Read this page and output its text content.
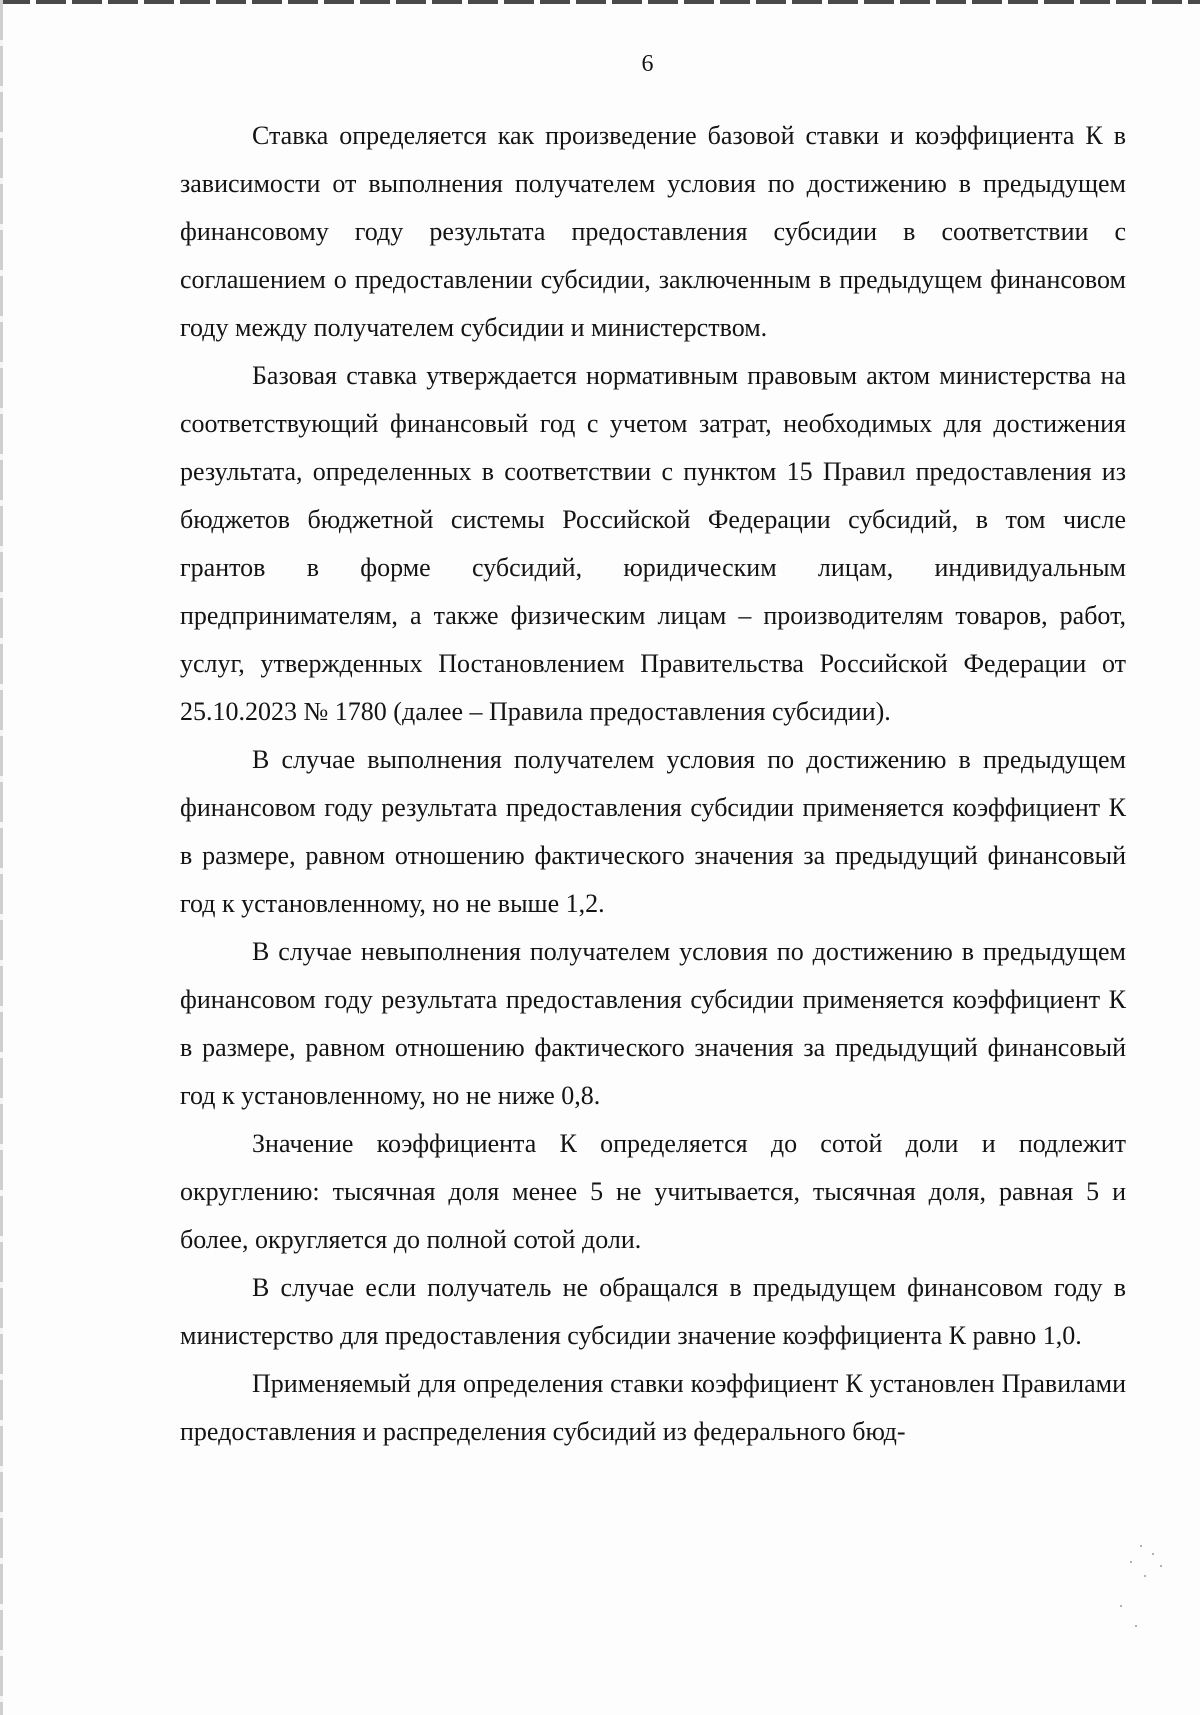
6

Ставка определяется как произведение базовой ставки и коэффициента К в зависимости от выполнения получателем условия по достижению в предыдущем финансовому году результата предоставления субсидии в соответствии с соглашением о предоставлении субсидии, заключенным в предыдущем финансовом году между получателем субсидии и министерством.

Базовая ставка утверждается нормативным правовым актом министерства на соответствующий финансовый год с учетом затрат, необходимых для достижения результата, определенных в соответствии с пунктом 15 Правил предоставления из бюджетов бюджетной системы Российской Федерации субсидий, в том числе грантов в форме субсидий, юридическим лицам, индивидуальным предпринимателям, а также физическим лицам – производителям товаров, работ, услуг, утвержденных Постановлением Правительства Российской Федерации от 25.10.2023 № 1780 (далее – Правила предоставления субсидии).

В случае выполнения получателем условия по достижению в предыдущем финансовом году результата предоставления субсидии применяется коэффициент К в размере, равном отношению фактического значения за предыдущий финансовый год к установленному, но не выше 1,2.

В случае невыполнения получателем условия по достижению в предыдущем финансовом году результата предоставления субсидии применяется коэффициент К в размере, равном отношению фактического значения за предыдущий финансовый год к установленному, но не ниже 0,8.

Значение коэффициента К определяется до сотой доли и подлежит округлению: тысячная доля менее 5 не учитывается, тысячная доля, равная 5 и более, округляется до полной сотой доли.

В случае если получатель не обращался в предыдущем финансовом году в министерство для предоставления субсидии значение коэффициента К равно 1,0.

Применяемый для определения ставки коэффициент К установлен Правилами предоставления и распределения субсидий из федерального бюд-
